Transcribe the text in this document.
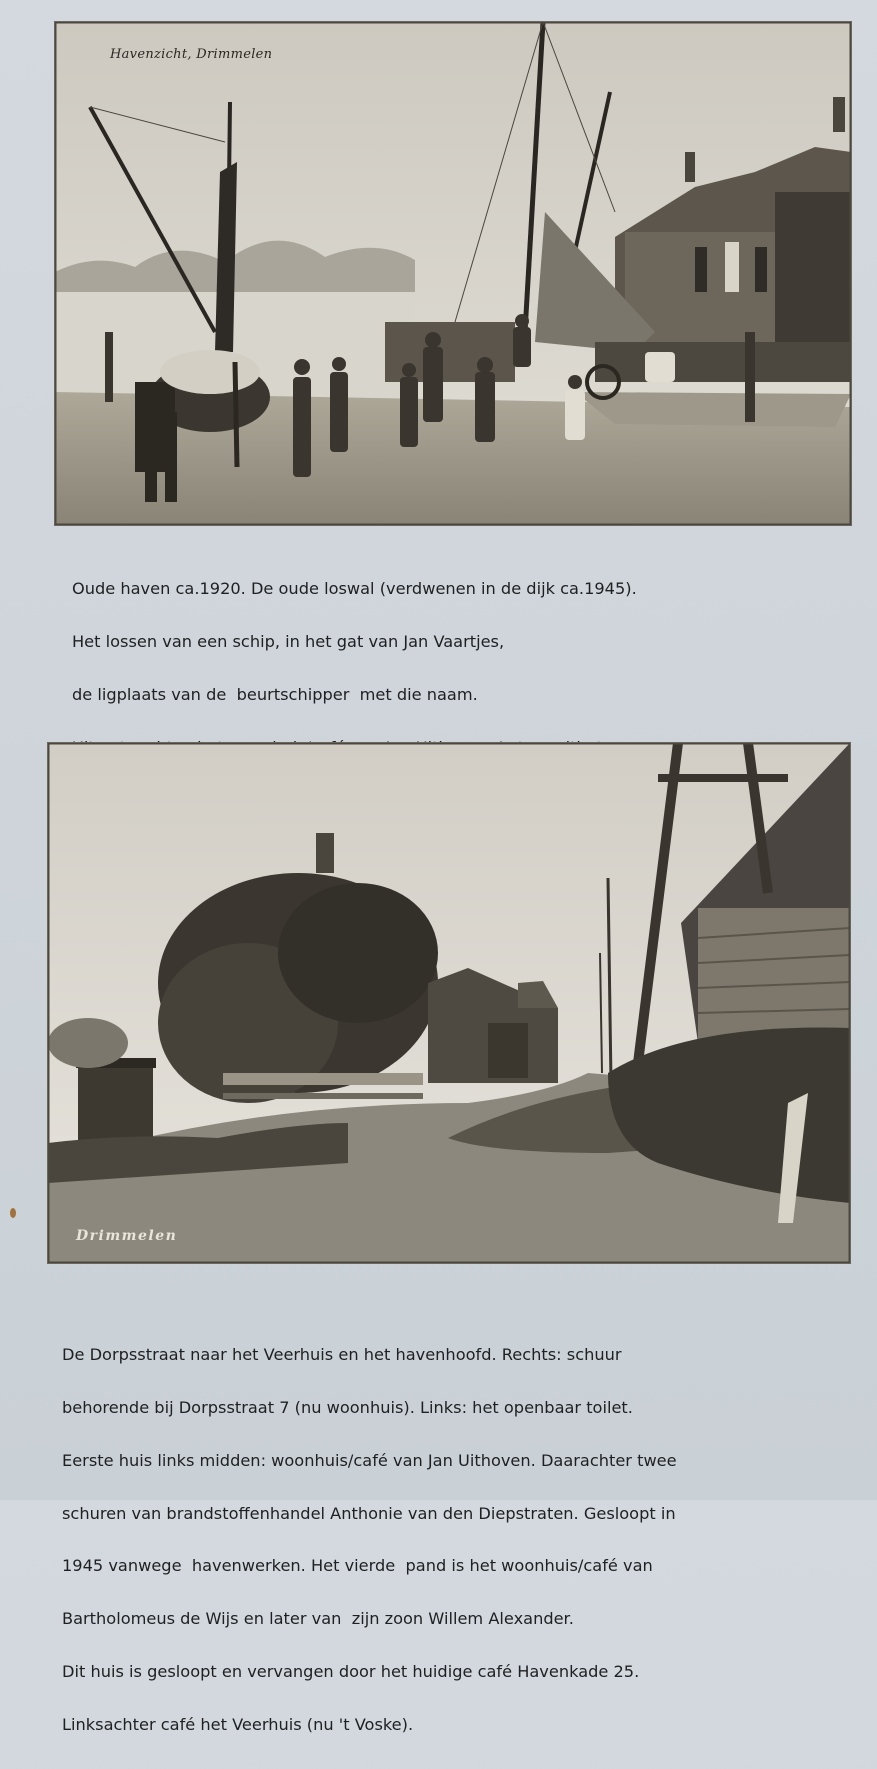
Havenzicht, Drimmelen

Oude haven ca.1920. De oude loswal (verdwenen in de dijk ca.1945).

Het lossen van een schip, in het gat van Jan Vaartjes,

de ligplaats van de  beurtschipper  met die naam.

Drimmelen

De Dorpsstraat naar het Veerhuis en het havenhoofd. Rechts: schuur

behorende bij Dorpsstraat 7 (nu woonhuis). Links: het openbaar toilet.

Eerste huis links midden: woonhuis/café van Jan Uithoven. Daarachter twee

schuren van brandstoffenhandel Anthonie van den Diepstraten. Gesloopt in

1945 vanwege  havenwerken. Het vierde  pand is het woonhuis/café van

Bartholomeus de Wijs en later van  zijn zoon Willem Alexander.

Dit huis is gesloopt en vervangen door het huidige café Havenkade 25.

Linksachter café het Veerhuis (nu 't Voske).
